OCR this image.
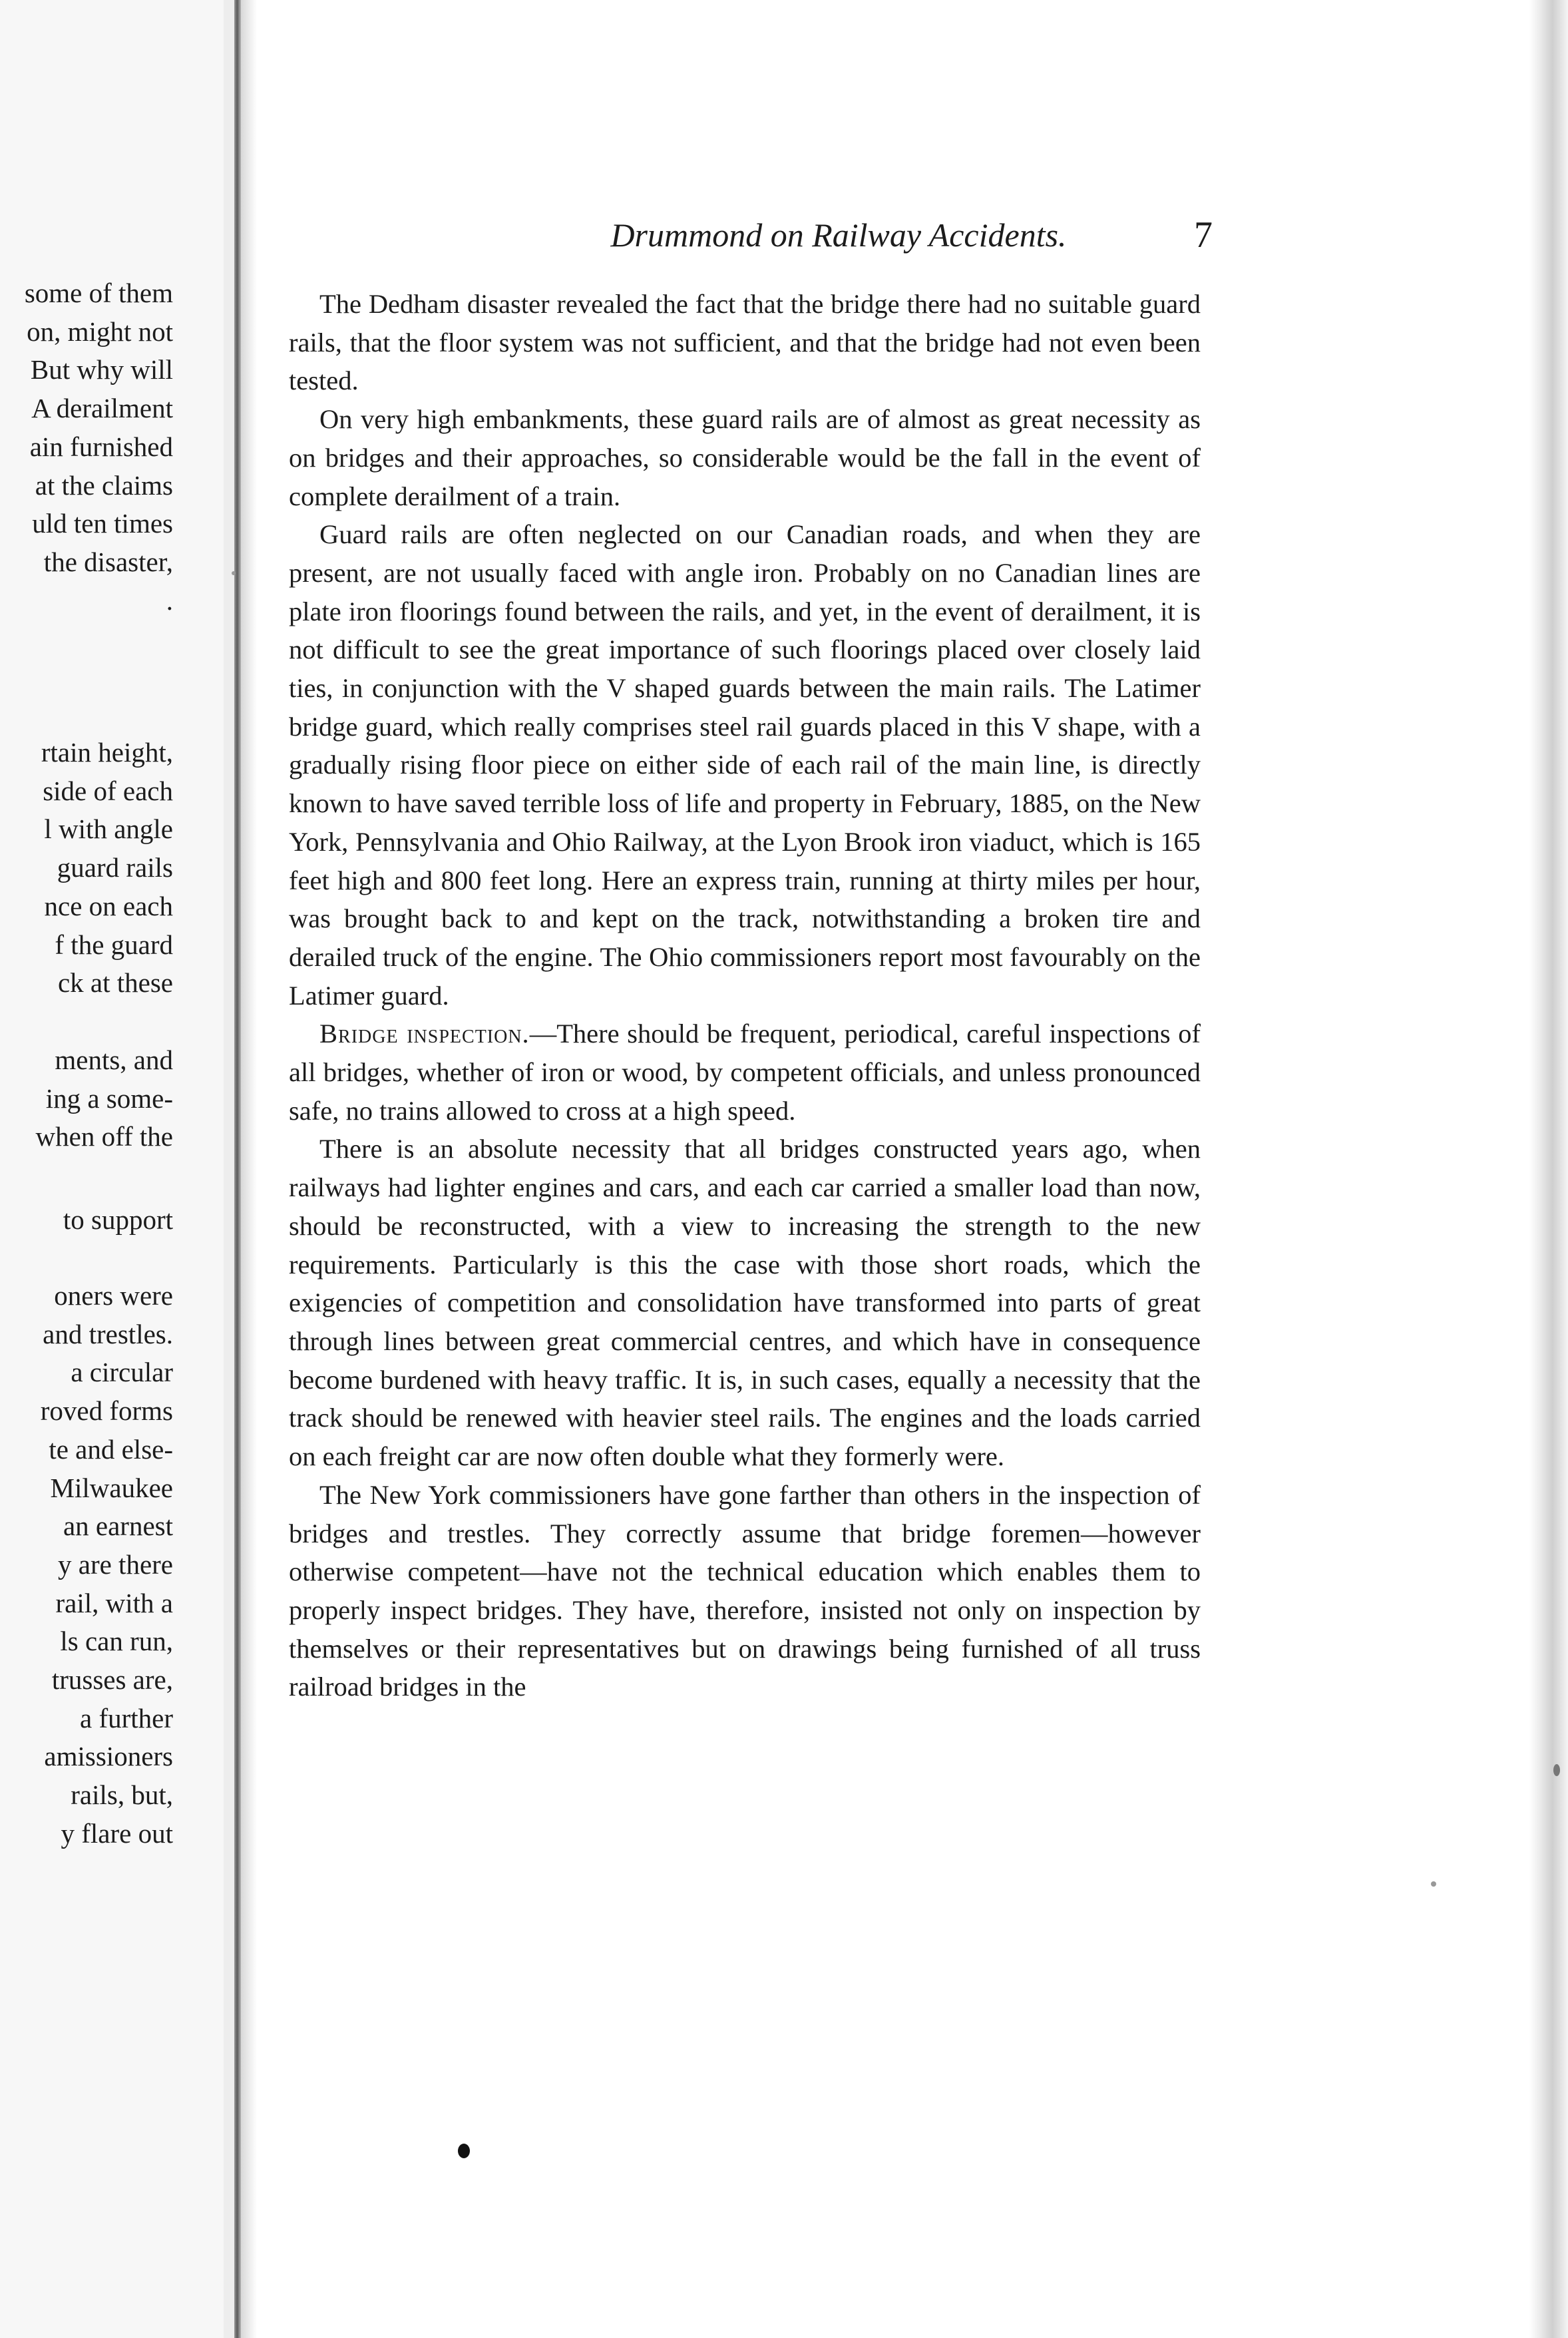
some of them
on, might not
But why will
A derailment
ain furnished
at the claims
uld ten times
the disaster,
.
rtain height,
side of each
l with angle
guard rails
nce on each
f the guard
ck at these
ments, and
ing a some-
when off the
to support
oners were
and trestles.
a circular
roved forms
te and else-
Milwaukee
an earnest
y are there
rail, with a
ls can run,
trusses are,
a further
amissioners
rails, but,
y flare out
Drummond on Railway Accidents.	7

The Dedham disaster revealed the fact that the bridge there had no suitable guard rails, that the floor system was not sufficient, and that the bridge had not even been tested.

On very high embankments, these guard rails are of almost as great necessity as on bridges and their approaches, so considerable would be the fall in the event of complete derailment of a train.

Guard rails are often neglected on our Canadian roads, and when they are present, are not usually faced with angle iron. Probably on no Canadian lines are plate iron floorings found between the rails, and yet, in the event of derailment, it is not difficult to see the great importance of such floorings placed over closely laid ties, in conjunction with the V shaped guards between the main rails. The Latimer bridge guard, which really comprises steel rail guards placed in this V shape, with a gradually rising floor piece on either side of each rail of the main line, is directly known to have saved terrible loss of life and property in February, 1885, on the New York, Pennsylvania and Ohio Railway, at the Lyon Brook iron viaduct, which is 165 feet high and 800 feet long. Here an express train, running at thirty miles per hour, was brought back to and kept on the track, notwithstanding a broken tire and derailed truck of the engine. The Ohio commissioners report most favourably on the Latimer guard.

Bridge inspection.—There should be frequent, periodical, careful inspections of all bridges, whether of iron or wood, by competent officials, and unless pronounced safe, no trains allowed to cross at a high speed.

There is an absolute necessity that all bridges constructed years ago, when railways had lighter engines and cars, and each car carried a smaller load than now, should be reconstructed, with a view to increasing the strength to the new requirements. Particularly is this the case with those short roads, which the exigencies of competition and consolidation have transformed into parts of great through lines between great commercial centres, and which have in consequence become burdened with heavy traffic. It is, in such cases, equally a necessity that the track should be renewed with heavier steel rails. The engines and the loads carried on each freight car are now often double what they formerly were.

The New York commissioners have gone farther than others in the inspection of bridges and trestles. They correctly assume that bridge foremen—however otherwise competent—have not the technical education which enables them to properly inspect bridges. They have, therefore, insisted not only on inspection by themselves or their representatives but on drawings being furnished of all truss railroad bridges in the
